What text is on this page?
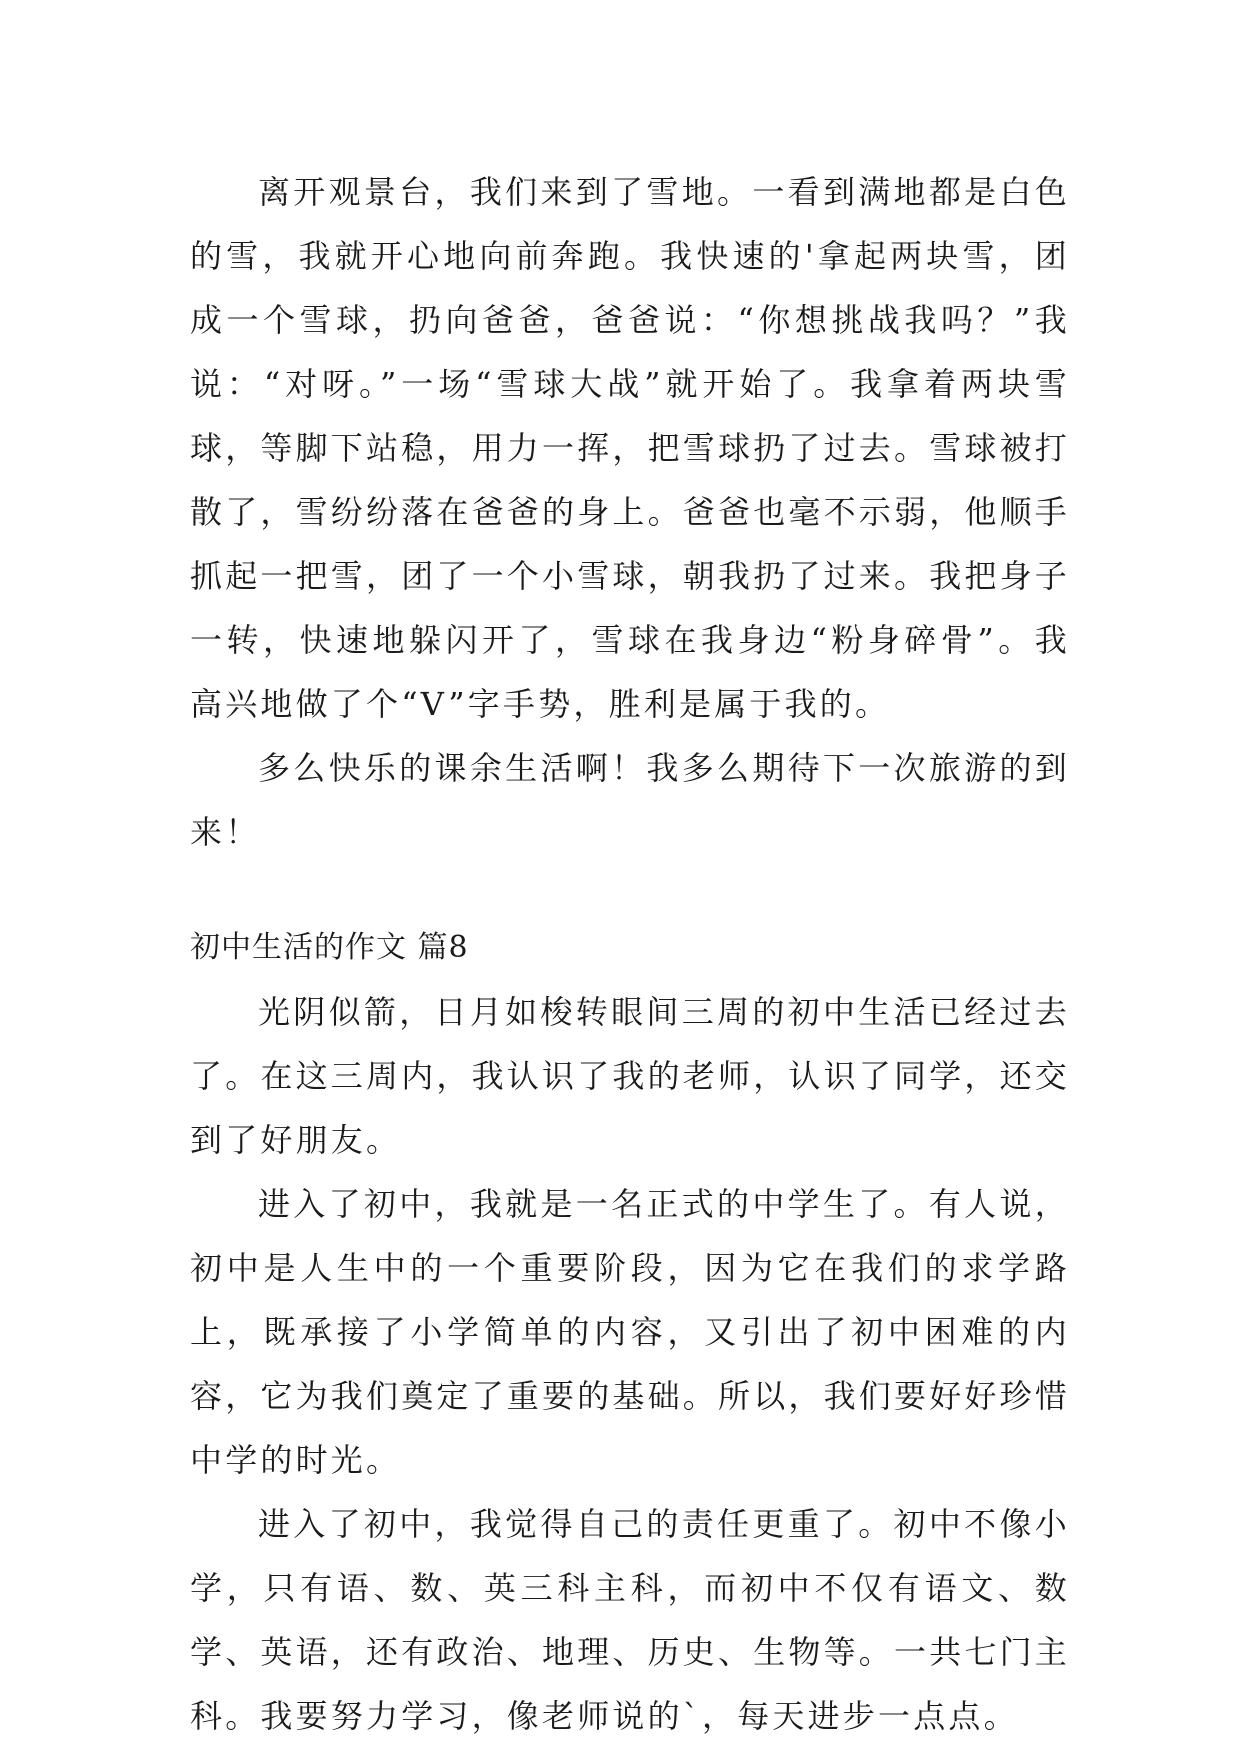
离开观景台，我们来到了雪地。一看到满地都是白色的雪，我就开心地向前奔跑。我快速的'拿起两块雪，团成一个雪球，扔向爸爸，爸爸说：“你想挑战我吗？”我说：“对呀。”一场“雪球大战”就开始了。我拿着两块雪球，等脚下站稳，用力一挥，把雪球扔了过去。雪球被打散了，雪纷纷落在爸爸的身上。爸爸也毫不示弱，他顺手抓起一把雪，团了一个小雪球，朝我扔了过来。我把身子一转，快速地躲闪开了，雪球在我身边“粉身碎骨”。我高兴地做了个“V”字手势，胜利是属于我的。

多么快乐的课余生活啊！我多么期待下一次旅游的到来！

初中生活的作文 篇8

光阴似箭，日月如梭转眼间三周的初中生活已经过去了。在这三周内，我认识了我的老师，认识了同学，还交到了好朋友。

进入了初中，我就是一名正式的中学生了。有人说，初中是人生中的一个重要阶段，因为它在我们的求学路上，既承接了小学简单的内容，又引出了初中困难的内容，它为我们奠定了重要的基础。所以，我们要好好珍惜中学的时光。

进入了初中，我觉得自己的责任更重了。初中不像小学，只有语、数、英三科主科，而初中不仅有语文、数学、英语，还有政治、地理、历史、生物等。一共七门主科。我要努力学习，像老师说的`，每天进步一点点。
